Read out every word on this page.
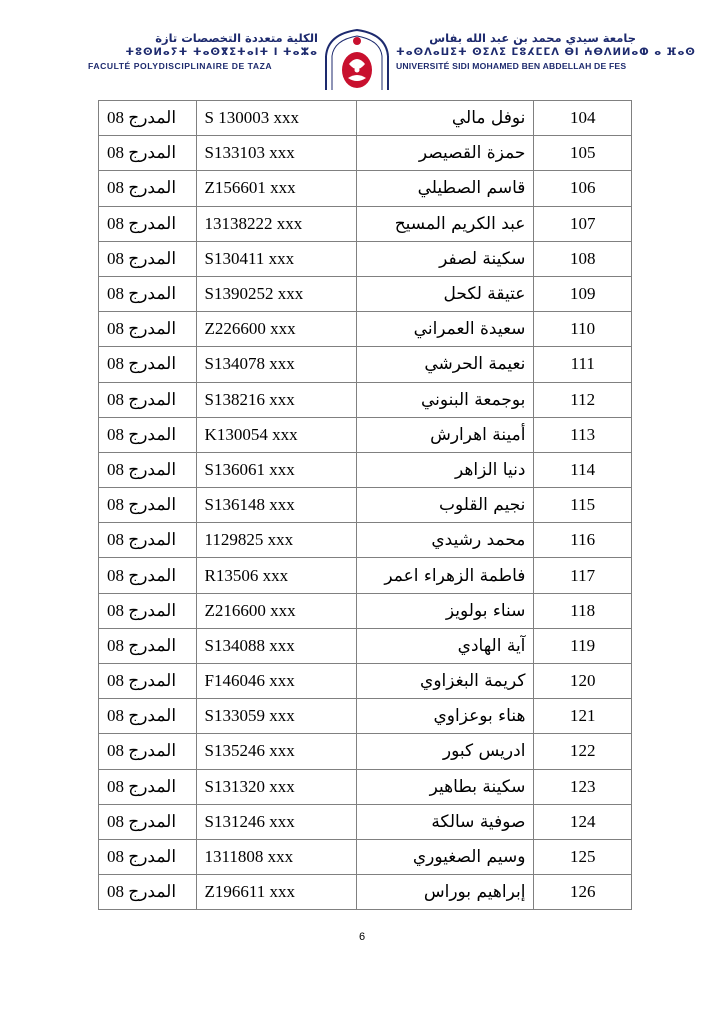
الكلية متعددة التخصصات تازة
ⵜⵓⵙⵍⴰⵢⵜ ⵜⴰⵙⴳⵉⵜⴰⵏⵜ ⵏ ⵜⴰⵣⴰ
FACULTÉ POLYDISCIPLINAIRE DE TAZA
جامعة سيدي محمد بن عبد الله بفاس
ⵜⴰⵙⴷⴰⵡⵉⵜ ⵙⵉⴷⵉ ⵎⵓⵃⵎⵎⴷ ⴱⵏ ⵄⴱⴷⵍⵍⴰⵀ ⴰ ⴼⴰⵙ
UNIVERSITÉ SIDI MOHAMED BEN ABDELLAH DE FES
المدرج 08	S 130003 xxx	نوفل مالي	104
المدرج 08	S133103 xxx	حمزة القصيصر	105
المدرج 08	Z156601 xxx	قاسم الصطيلي	106
المدرج 08	13138222 xxx	عبد الكريم المسيح	107
المدرج 08	S130411 xxx	سكينة لصفر	108
المدرج 08	S1390252 xxx	عتيقة لكحل	109
المدرج 08	Z226600 xxx	سعيدة العمراني	110
المدرج 08	S134078 xxx	نعيمة الحرشي	111
المدرج 08	S138216 xxx	بوجمعة البنوني	112
المدرج 08	K130054 xxx	أمينة اهرارش	113
المدرج 08	S136061 xxx	دنيا الزاهر	114
المدرج 08	S136148 xxx	نجيم القلوب	115
المدرج 08	1129825 xxx	محمد رشيدي	116
المدرج 08	R13506 xxx	فاطمة الزهراء اعمر	117
المدرج 08	Z216600 xxx	سناء بولويز	118
المدرج 08	S134088 xxx	آية الهادي	119
المدرج 08	F146046 xxx	كريمة البغزاوي	120
المدرج 08	S133059 xxx	هناء بوعزاوي	121
المدرج 08	S135246 xxx	ادريس كبور	122
المدرج 08	S131320 xxx	سكينة بطاهير	123
المدرج 08	S131246 xxx	صوفية سالكة	124
المدرج 08	1311808 xxx	وسيم الصغيوري	125
المدرج 08	Z196611 xxx	إبراهيم بوراس	126
6
